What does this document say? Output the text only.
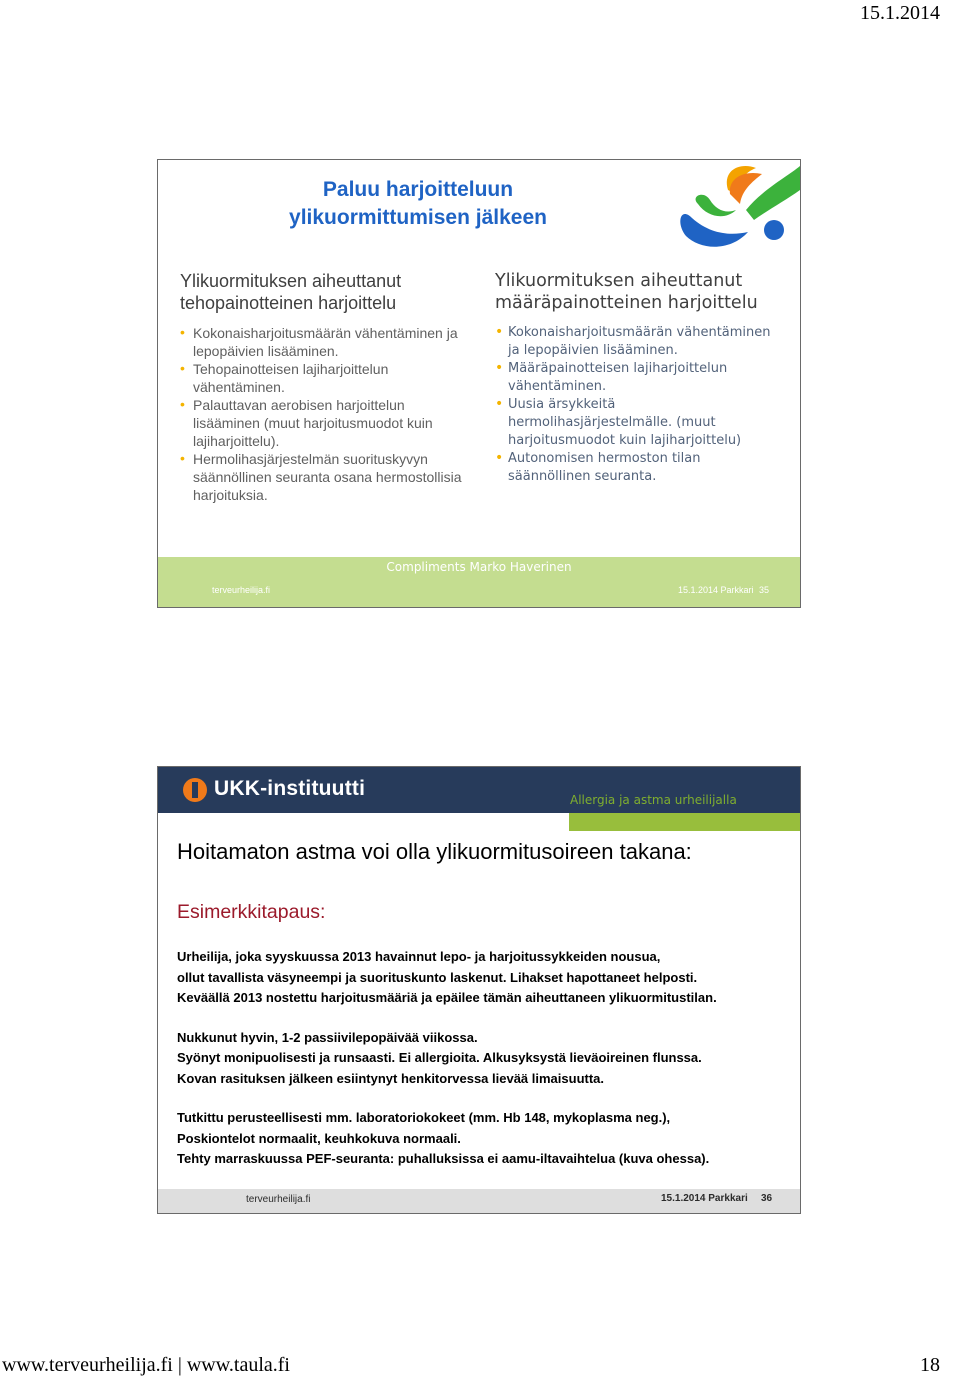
15.1.2014
Paluu harjoitteluun
ylikuormittumisen jälkeen
Ylikuormituksen aiheuttanut
tehopainotteinen harjoittelu
• Kokonaisharjoitusmäärän vähentäminen ja
lepopäivien lisääminen.
• Tehopainotteisen lajiharjoittelun
vähentäminen.
• Palauttavan aerobisen harjoittelun
lisääminen (muut harjoitusmuodot kuin
lajiharjoittelu).
• Hermolihasjärjestelmän suorituskyvyn
säännöllinen seuranta osana hermostollisia
harjoituksia.
Ylikuormituksen aiheuttanut
määräpainotteinen harjoittelu
• Kokonaisharjoitusmäärän vähentäminen
ja lepopäivien lisääminen.
• Määräpainotteisen lajiharjoittelun
vähentäminen.
• Uusia ärsykkeitä
hermolihasjärjestelmälle. (muut
harjoitusmuodot kuin lajiharjoittelu)
• Autonomisen hermoston tilan
säännöllinen seuranta.
Compliments Marko Haverinen
terveurheilija.fi	15.1.2014 Parkkari 35
UKK-instituutti	Allergia ja astma urheilijalla
Hoitamaton astma voi olla ylikuormitusoireen takana:
Esimerkkitapaus:
Urheilija, joka syyskuussa 2013 havainnut lepo- ja harjoitussykkeiden nousua,
ollut tavallista väsyneempi ja suorituskunto laskenut. Lihakset hapottaneet helposti.
Keväällä 2013 nostettu harjoitusmääriä ja epäilee tämän aiheuttaneen ylikuormitustilan.
Nukkunut hyvin, 1-2 passiivilepopäivää viikossa.
Syönyt monipuolisesti ja runsaasti. Ei allergioita. Alkusyksystä lieväoireinen flunssa.
Kovan rasituksen jälkeen esiintynyt henkitorvessa lievää limaisuutta.
Tutkittu perusteellisesti mm. laboratoriokokeet (mm. Hb 148, mykoplasma neg.),
Poskiontelot normaalit, keuhkokuva normaali.
Tehty marraskuussa PEF-seuranta: puhalluksissa ei aamu-iltavaihtelua (kuva ohessa).
terveurheilija.fi	15.1.2014 Parkkari 36
www.terveurheilija.fi | www.taula.fi	18
